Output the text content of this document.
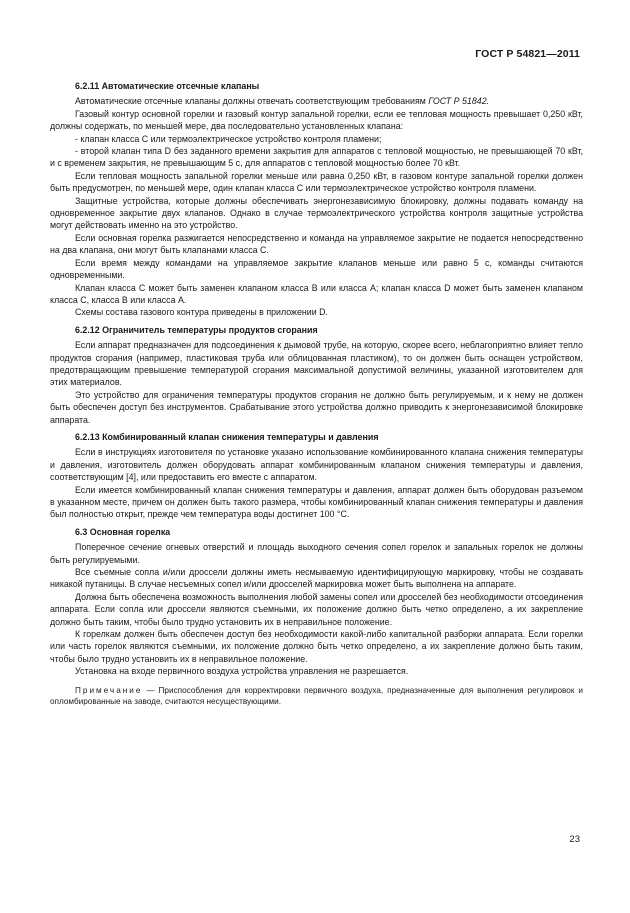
ГОСТ Р 54821—2011
6.2.11 Автоматические отсечные клапаны

Автоматические отсечные клапаны должны отвечать соответствующим требованиям ГОСТ Р 51842.

Газовый контур основной горелки и газовый контур запальной горелки, если ее тепловая мощность превышает 0,250 кВт, должны содержать, по меньшей мере, два последовательно установленных клапана:

- клапан класса С или термоэлектрическое устройство контроля пламени;

- второй клапан типа D без заданного времени закрытия для аппаратов с тепловой мощностью, не превышающей 70 кВт, и с временем закрытия, не превышающим 5 с, для аппаратов с тепловой мощностью более 70 кВт.

Если тепловая мощность запальной горелки меньше или равна 0,250 кВт, в газовом контуре запальной горелки должен быть предусмотрен, по меньшей мере, один клапан класса С или термоэлектрическое устройство контроля пламени.

Защитные устройства, которые должны обеспечивать энергонезависимую блокировку, должны подавать команду на одновременное закрытие двух клапанов. Однако в случае термоэлектрического устройства контроля защитные устройства могут действовать именно на это устройство.

Если основная горелка разжигается непосредственно и команда на управляемое закрытие не подается непосредственно на два клапана, они могут быть клапанами класса С.

Если время между командами на управляемое закрытие клапанов меньше или равно 5 с, команды считаются одновременными.

Клапан класса С может быть заменен клапаном класса В или класса А; клапан класса D может быть заменен клапаном класса С, класса В или класса А.

Схемы состава газового контура приведены в приложении D.

6.2.12 Ограничитель температуры продуктов сгорания

Если аппарат предназначен для подсоединения к дымовой трубе, на которую, скорее всего, неблагоприятно влияет тепло продуктов сгорания (например, пластиковая труба или облицованная пластиком), то он должен быть оснащен устройством, предотвращающим превышение температурой сгорания максимальной допустимой величины, указанной изготовителем для этих материалов.

Это устройство для ограничения температуры продуктов сгорания не должно быть регулируемым, и к нему не должен быть обеспечен доступ без инструментов. Срабатывание этого устройства должно приводить к энергонезависимой блокировке аппарата.

6.2.13 Комбинированный клапан снижения температуры и давления

Если в инструкциях изготовителя по установке указано использование комбинированного клапана снижения температуры и давления, изготовитель должен оборудовать аппарат комбинированным клапаном снижения температуры и давления, соответствующим [4], или предоставить его вместе с аппаратом.

Если имеется комбинированный клапан снижения температуры и давления, аппарат должен быть оборудован разъемом в указанном месте, причем он должен быть такого размера, чтобы комбинированный клапан снижения температуры и давления был полностью открыт, прежде чем температура воды достигнет 100 °С.

6.3 Основная горелка

Поперечное сечение огневых отверстий и площадь выходного сечения сопел горелок и запальных горелок не должны быть регулируемыми.

Все съемные сопла и/или дроссели должны иметь несмываемую идентифицирующую маркировку, чтобы не создавать никакой путаницы. В случае несъемных сопел и/или дросселей маркировка может быть выполнена на аппарате.

Должна быть обеспечена возможность выполнения любой замены сопел или дросселей без необходимости отсоединения аппарата. Если сопла или дроссели являются съемными, их положение должно быть четко определено, а их закрепление должно быть таким, чтобы было трудно установить их в неправильное положение.

К горелкам должен быть обеспечен доступ без необходимости какой-либо капитальной разборки аппарата. Если горелки или часть горелок являются съемными, их положение должно быть четко определено, а их закрепление должно быть таким, чтобы было трудно установить их в неправильное положение.

Установка на входе первичного воздуха устройства управления не разрешается.

Примечание — Приспособления для корректировки первичного воздуха, предназначенные для выполнения регулировок и опломбированные на заводе, считаются несуществующими.

23
